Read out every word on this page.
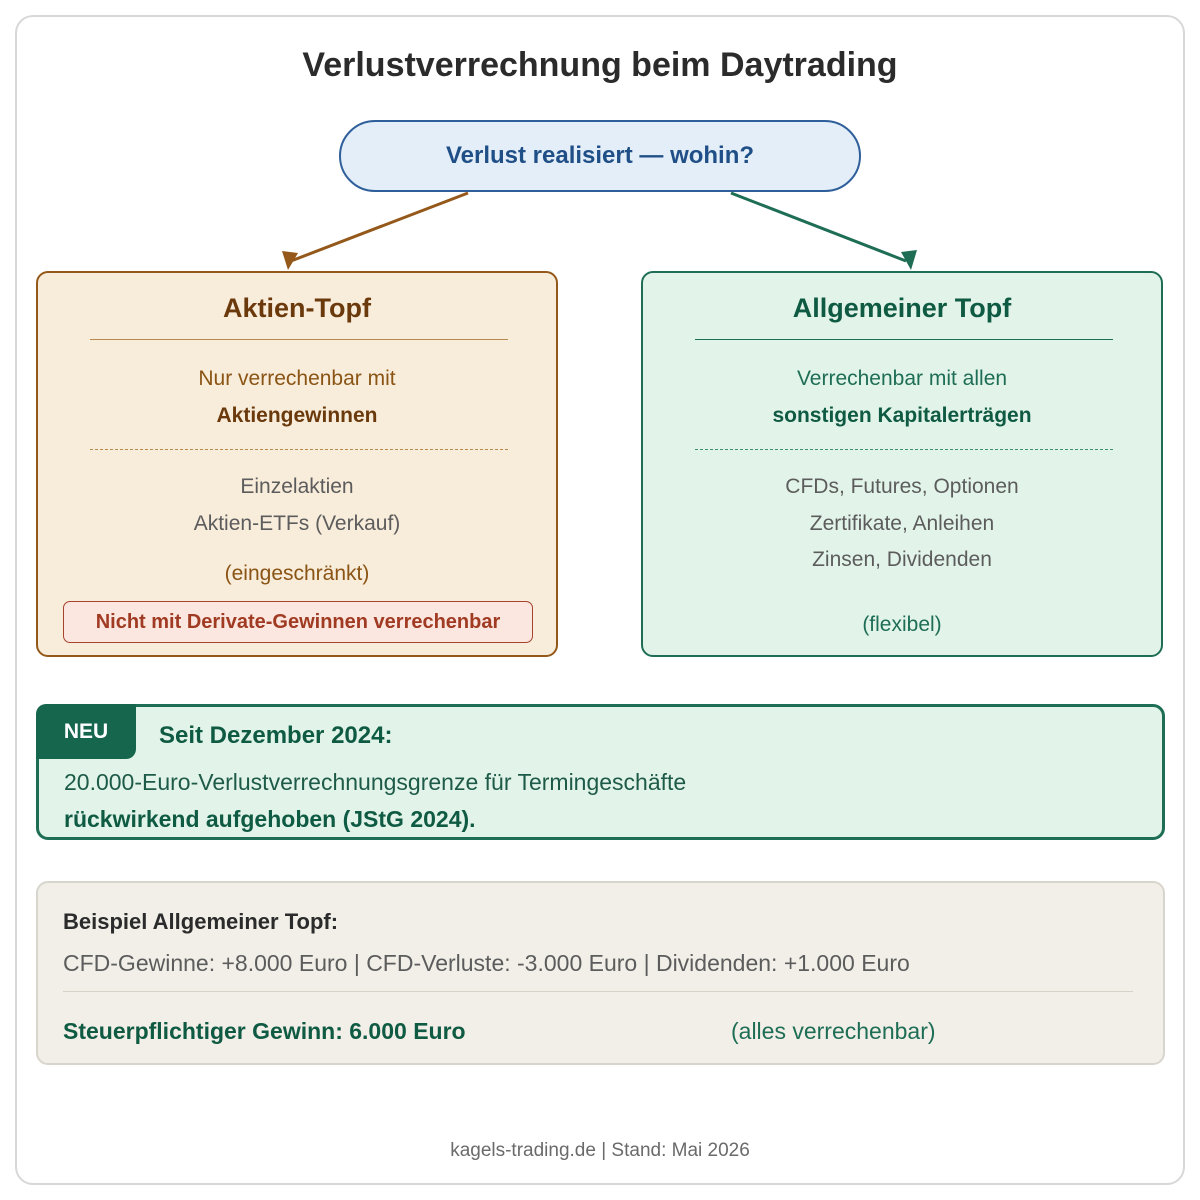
Verlustverrechnung beim Daytrading
Verlust realisiert — wohin?
Aktien-Topf
Nur verrechenbar mit
Aktiengewinnen
Einzelaktien
Aktien-ETFs (Verkauf)
(eingeschränkt)
Nicht mit Derivate-Gewinnen verrechenbar
Allgemeiner Topf
Verrechenbar mit allen
sonstigen Kapitalerträgen
CFDs, Futures, Optionen
Zertifikate, Anleihen
Zinsen, Dividenden
(flexibel)
NEU	Seit Dezember 2024:
20.000-Euro-Verlustverrechnungsgrenze für Termingeschäfte
rückwirkend aufgehoben (JStG 2024).
Beispiel Allgemeiner Topf:
CFD-Gewinne: +8.000 Euro | CFD-Verluste: -3.000 Euro | Dividenden: +1.000 Euro
Steuerpflichtiger Gewinn: 6.000 Euro	(alles verrechenbar)
kagels-trading.de | Stand: Mai 2026
